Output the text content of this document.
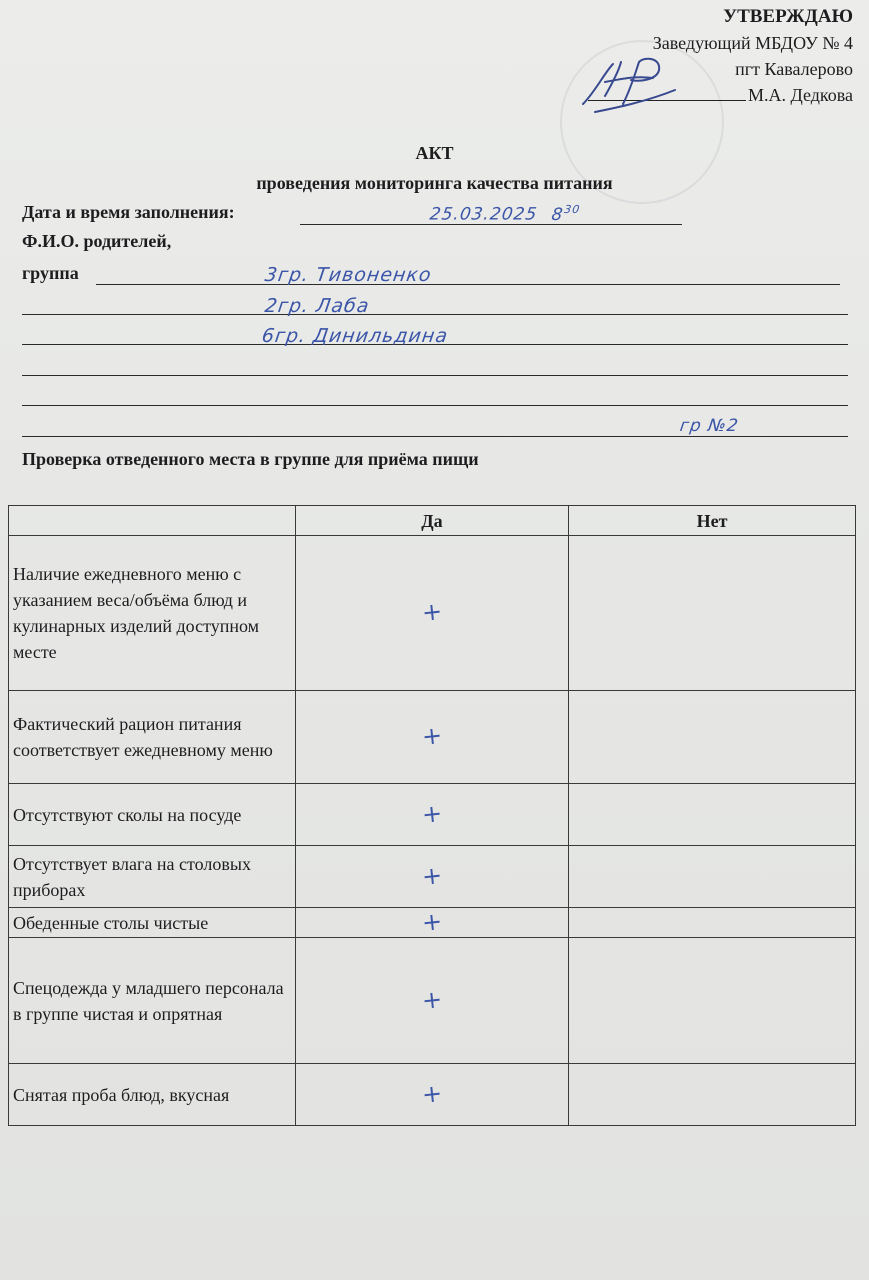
УТВЕРЖДАЮ
Заведующий МБДОУ № 4
пгт Кавалерово
М.А. Дедкова
АКТ
проведения мониторинга качества питания
Дата и время заполнения:	25.03.2025 $8^{30}$
Ф.И.О. родителей,
группа	3гр. Тивоненко
2гр. Лаба
6гр. Динильдина
гр №2
Проверка отведенного места в группе для приёма пищи
	Да	Нет
Наличие ежедневного меню с указанием веса/объёма блюд и кулинарных изделий доступном месте	+	
Фактический рацион питания соответствует ежедневному меню	+	
Отсутствуют сколы на посуде	+	
Отсутствует влага на столовых приборах	+	
Обеденные столы чистые	+	
Спецодежда у младшего персонала в группе чистая и опрятная	+	
Снятая проба блюд, вкусная	+	
